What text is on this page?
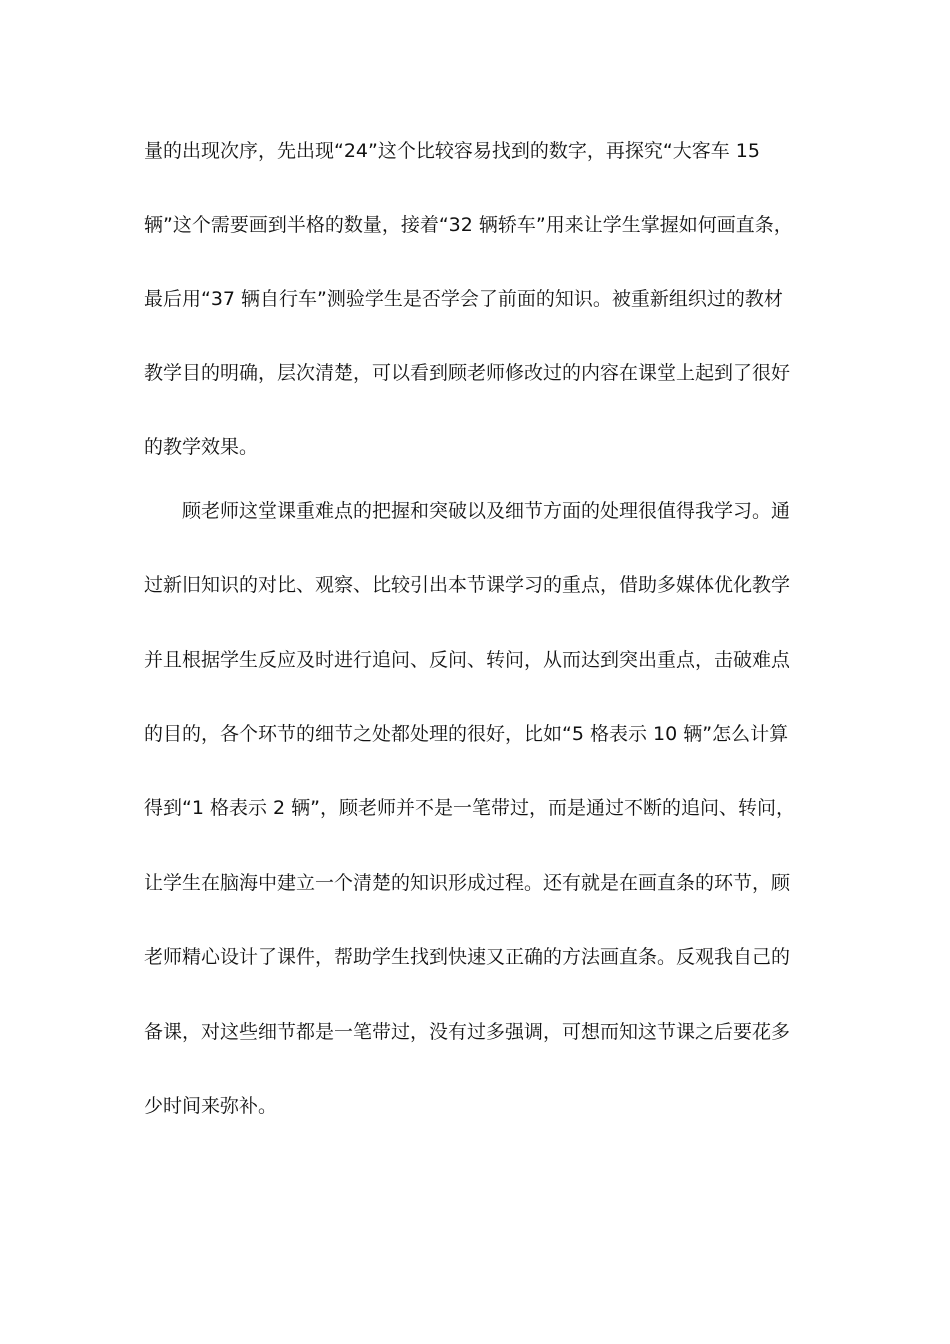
量的出现次序，先出现“24”这个比较容易找到的数字，再探究“大客车 15
辆”这个需要画到半格的数量，接着“32 辆轿车”用来让学生掌握如何画直条，
最后用“37 辆自行车”测验学生是否学会了前面的知识。被重新组织过的教材
教学目的明确，层次清楚，可以看到顾老师修改过的内容在课堂上起到了很好
的教学效果。
顾老师这堂课重难点的把握和突破以及细节方面的处理很值得我学习。通
过新旧知识的对比、观察、比较引出本节课学习的重点，借助多媒体优化教学
并且根据学生反应及时进行追问、反问、转问，从而达到突出重点，击破难点
的目的，各个环节的细节之处都处理的很好，比如“5 格表示 10 辆”怎么计算
得到“1 格表示 2 辆”，顾老师并不是一笔带过，而是通过不断的追问、转问，
让学生在脑海中建立一个清楚的知识形成过程。还有就是在画直条的环节，顾
老师精心设计了课件，帮助学生找到快速又正确的方法画直条。反观我自己的
备课，对这些细节都是一笔带过，没有过多强调，可想而知这节课之后要花多
少时间来弥补。
